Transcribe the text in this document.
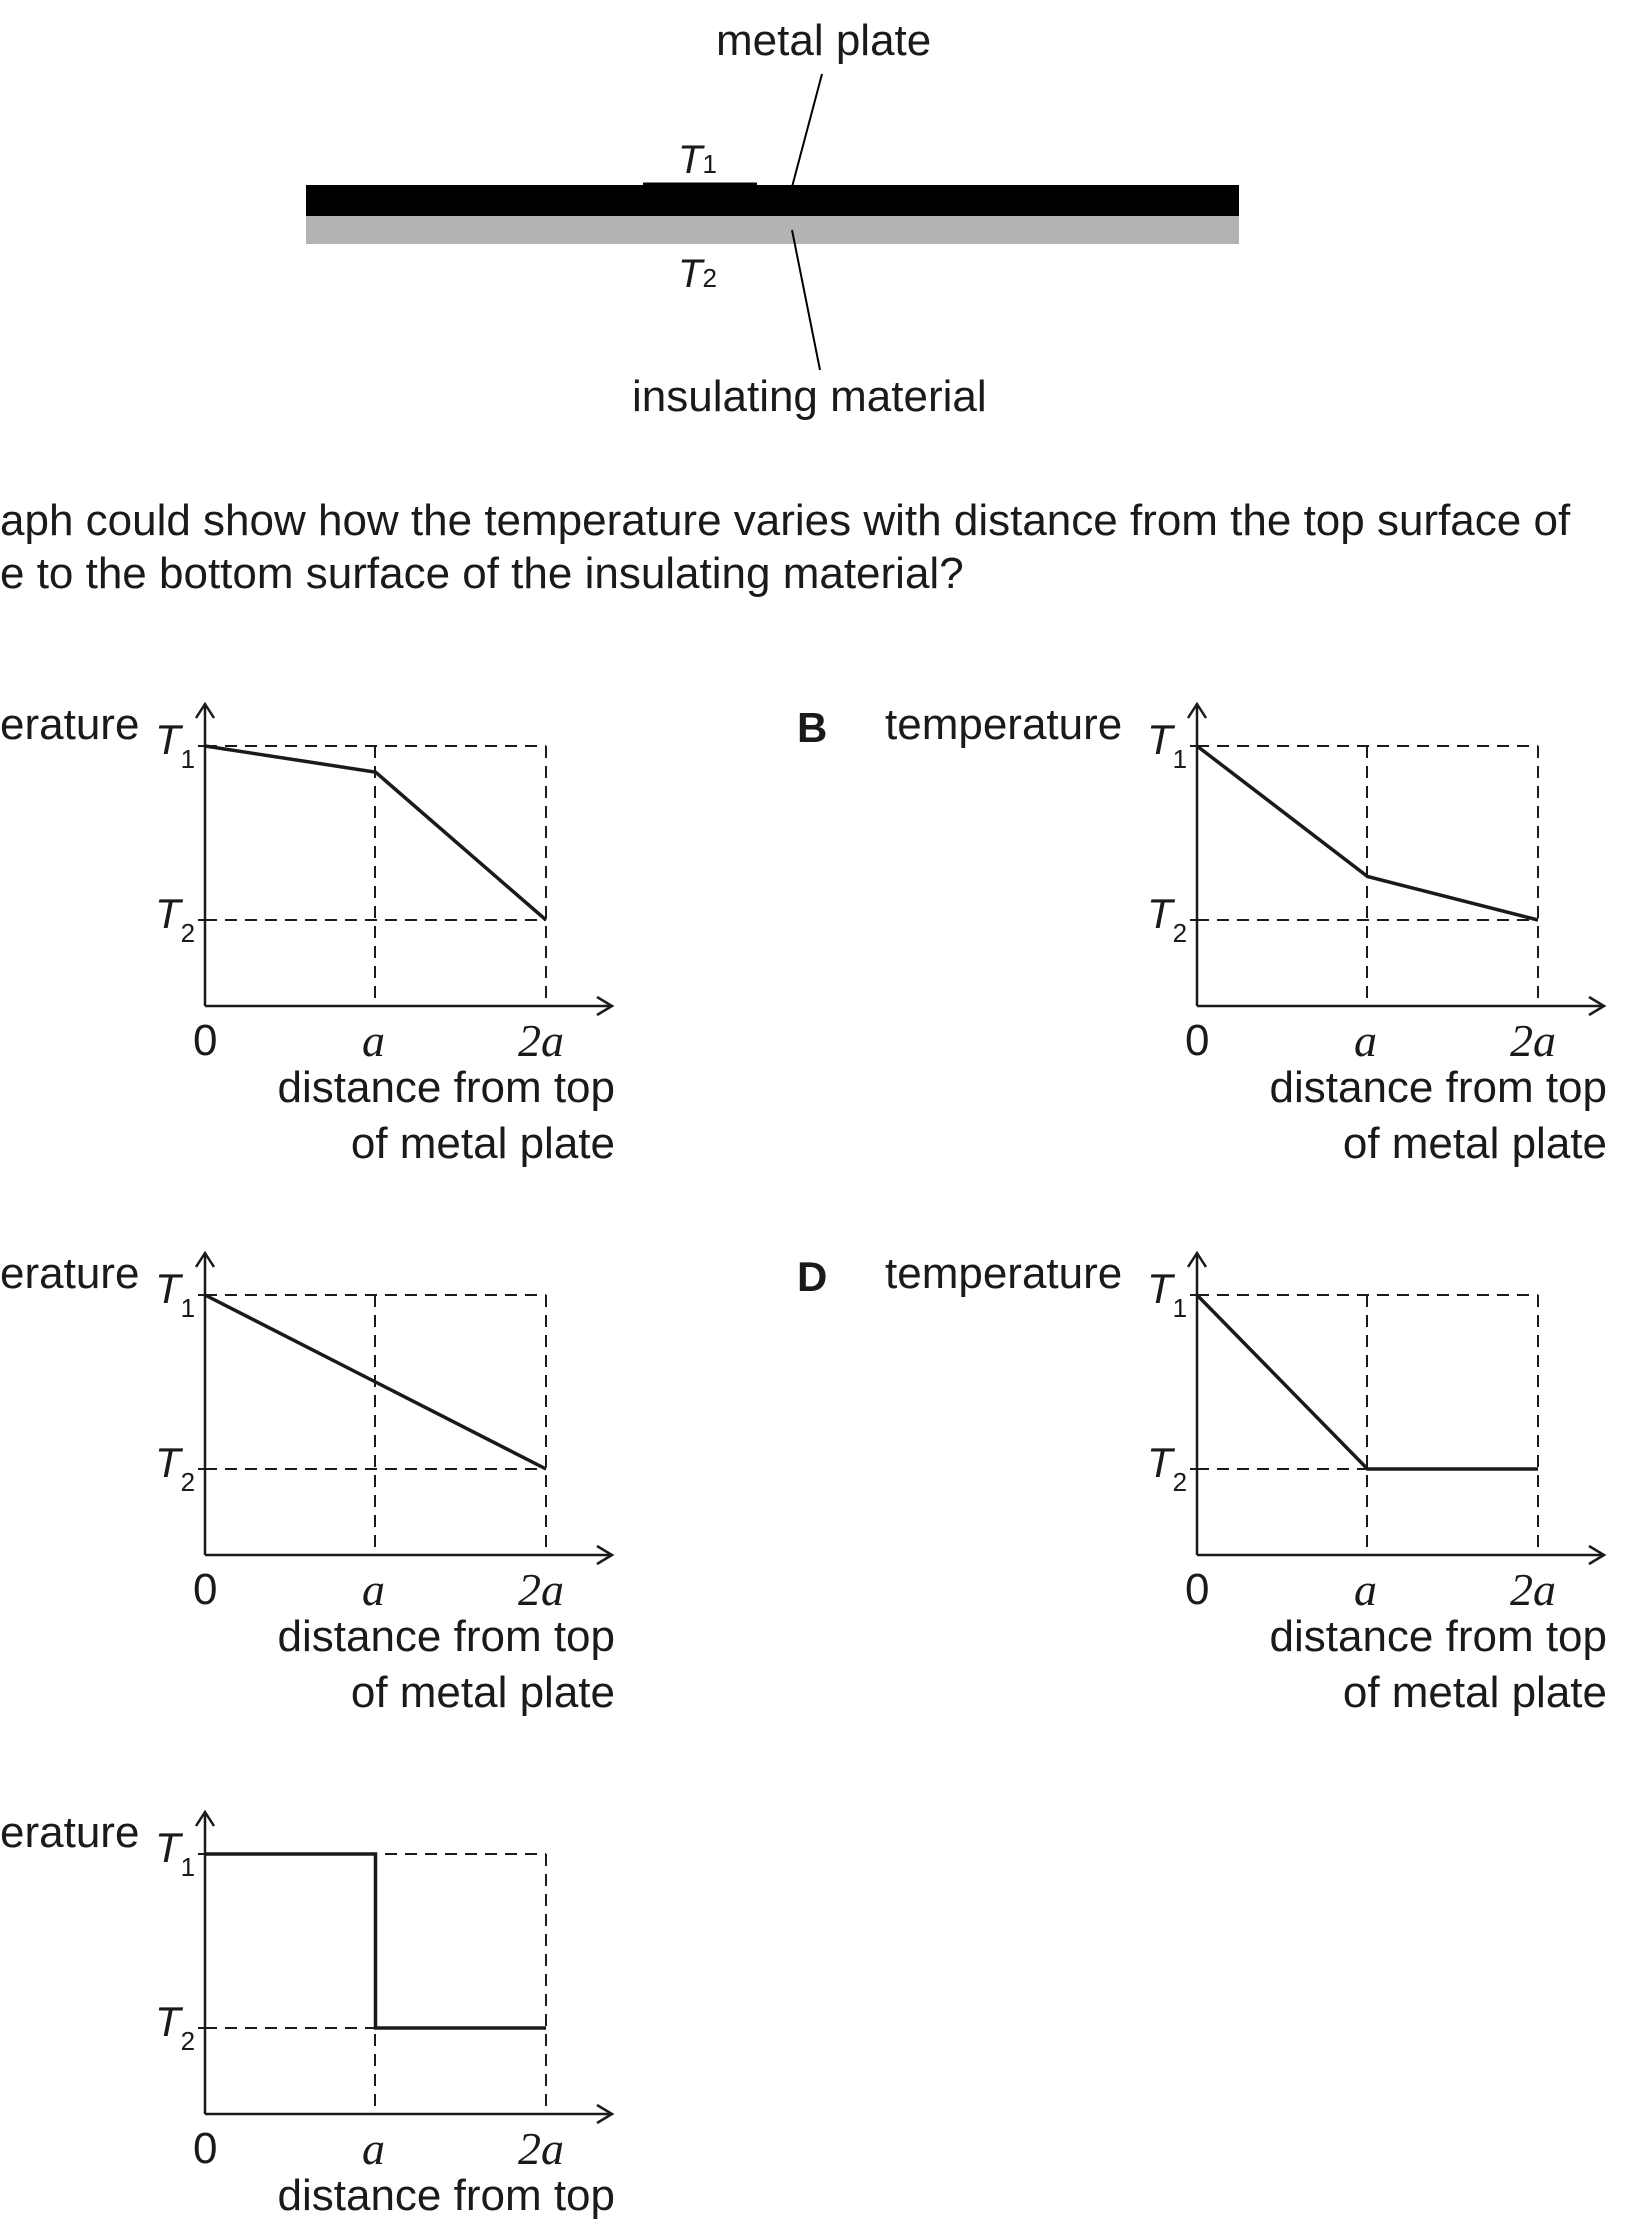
metal plate
insulating material
T1
T2
aph could show how the temperature varies with distance from the top surface of
e to the bottom surface of the insulating material?
erature $T_1$
$T_2$
0	a	2a
distance from top
of metal plate
temperature
B	$T_1$
$T_2$
0	a	2a
distance from top
of metal plate
erature $T_1$
$T_2$
0	a	2a
distance from top
of metal plate
temperature
D	$T_1$
$T_2$
0	a	2a
distance from top
of metal plate
erature $T_1$
$T_2$
0	a	2a
distance from top
